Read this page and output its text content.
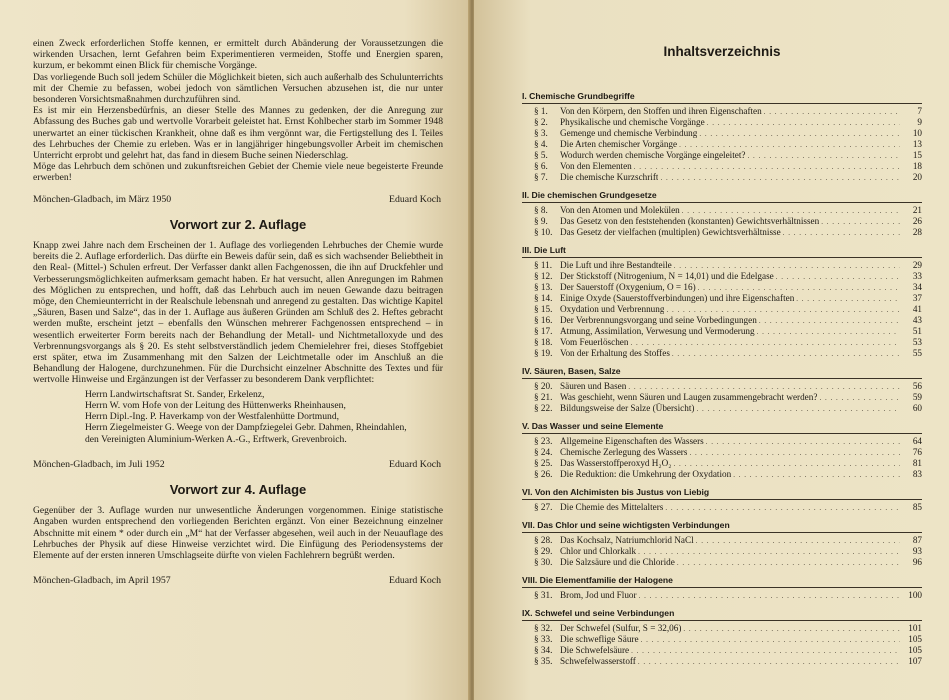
einen Zweck erforderlichen Stoffe kennen, er ermittelt durch Abänderung der Voraussetzungen die wirkenden Ursachen, lernt Gefahren beim Experimentieren vermeiden, Stoffe und Energien sparen, kurzum, er bekommt einen Blick für chemische Vorgänge.

Das vorliegende Buch soll jedem Schüler die Möglichkeit bieten, sich auch außerhalb des Schulunterrichts mit der Chemie zu befassen, wobei jedoch von sämtlichen Versuchen abzusehen ist, die nur unter besonderen Vorsichtsmaßnahmen durchzuführen sind.

Es ist mir ein Herzensbedürfnis, an dieser Stelle des Mannes zu gedenken, der die Anregung zur Abfassung des Buches gab und wertvolle Vorarbeit geleistet hat. Ernst Kohlbecher starb im Sommer 1948 unerwartet an einer tückischen Krankheit, ohne daß es ihm vergönnt war, die Fertigstellung des I. Teiles des Lehrbuches der Chemie zu erleben. Was er in langjähriger hingebungsvoller Arbeit im chemischen Unterricht erprobt und gelehrt hat, das fand in diesem Buche seinen Niederschlag.

Möge das Lehrbuch dem schönen und zukunftsreichen Gebiet der Chemie viele neue begeisterte Freunde erwerben!

Mönchen-Gladbach, im März 1950	Eduard Koch
Vorwort zur 2. Auflage

Knapp zwei Jahre nach dem Erscheinen der 1. Auflage des vorliegenden Lehrbuches der Chemie wurde bereits die 2. Auflage erforderlich. Das dürfte ein Beweis dafür sein, daß es sich wachsender Beliebtheit in den Real- (Mittel-) Schulen erfreut. Der Verfasser dankt allen Fachgenossen, die ihn auf Druckfehler und Verbesserungsmöglichkeiten aufmerksam gemacht haben. Er hat versucht, allen Anregungen im Rahmen des Möglichen zu entsprechen, und hofft, daß das Lehrbuch auch im neuen Gewande dazu beitragen möge, den Chemieunterricht in der Realschule lebensnah und anregend zu gestalten. Das wichtige Kapitel „Säuren, Basen und Salze“, das in der 1. Auflage aus äußeren Gründen am Schluß des 2. Heftes gebracht werden mußte, erscheint jetzt – ebenfalls den Wünschen mehrerer Fachgenossen entsprechend – in wesentlich erweiterter Form bereits nach der Behandlung der Metall- und Nichtmetalloxyde und des Verbrennungsvorgangs als § 20. Es steht selbstverständlich jedem Chemielehrer frei, dieses Stoffgebiet erst später, etwa im Zusammenhang mit den Salzen der Leichtmetalle oder im Anschluß an die Behandlung der Halogene, durchzunehmen. Für die Durchsicht einzelner Abschnitte des Textes und für wertvolle Hinweise und Ergänzungen ist der Verfasser zu besonderem Dank verpflichtet:

Herrn Landwirtschaftsrat St. Sander, Erkelenz,
Herrn W. vom Hofe von der Leitung des Hüttenwerks Rheinhausen,
Herrn Dipl.-Ing. P. Haverkamp von der Westfalenhütte Dortmund,
Herrn Ziegelmeister G. Weege von der Dampfziegelei Gebr. Dahmen, Rheindahlen,
den Vereinigten Aluminium-Werken A.-G., Erftwerk, Grevenbroich.
Mönchen-Gladbach, im Juli 1952	Eduard Koch
Vorwort zur 4. Auflage

Gegenüber der 3. Auflage wurden nur unwesentliche Änderungen vorgenommen. Einige statistische Angaben wurden entsprechend den vorliegenden Berichten ergänzt. Von einer Bezeichnung einzelner Abschnitte mit einem * oder durch ein „M“ hat der Verfasser abgesehen, weil auch in der Neuauflage des Lehrbuches der Physik auf diese Hinweise verzichtet wird. Die Einfügung des Periodensystems der Elemente auf der ersten inneren Umschlagseite dürfte von vielen Fachlehrern begrüßt werden.

Mönchen-Gladbach, im April 1957	Eduard Koch
Inhaltsverzeichnis
I. Chemische Grundbegriffe
§ 1.	Von den Körpern, den Stoffen und ihren Eigenschaften . . .	7
§ 2.	Physikalische und chemische Vorgänge . . .	9
§ 3.	Gemenge und chemische Verbindung . . .	10
§ 4.	Die Arten chemischer Vorgänge . . .	13
§ 5.	Wodurch werden chemische Vorgänge eingeleitet? . . .	15
§ 6.	Von den Elementen . . .	18
§ 7.	Die chemische Kurzschrift . . .	20
II. Die chemischen Grundgesetze
§ 8.	Von den Atomen und Molekülen . . .	21
§ 9.	Das Gesetz von den feststehenden (konstanten) Gewichtsverhältnissen . . .	26
§ 10. Das Gesetz der vielfachen (multiplen) Gewichtsverhältnisse . . .	28
III. Die Luft
§ 11. Die Luft und ihre Bestandteile . . .	29
§ 12. Der Stickstoff (Nitrogenium, N = 14,01) und die Edelgase . . .	33
§ 13. Der Sauerstoff (Oxygenium, O = 16) . . .	34
§ 14. Einige Oxyde (Sauerstoffverbindungen) und ihre Eigenschaften . . .	37
§ 15. Oxydation und Verbrennung . . .	41
§ 16. Der Verbrennungsvorgang und seine Vorbedingungen . . .	43
§ 17. Atmung, Assimilation, Verwesung und Vermoderung . . .	51
§ 18. Vom Feuerlöschen . . .	53
§ 19. Von der Erhaltung des Stoffes . . .	55
IV. Säuren, Basen, Salze
§ 20. Säuren und Basen . . .	56
§ 21. Was geschieht, wenn Säuren und Laugen zusammengebracht werden? . . .	59
§ 22. Bildungsweise der Salze (Übersicht) . . .	60
V. Das Wasser und seine Elemente
§ 23. Allgemeine Eigenschaften des Wassers . . .	64
§ 24. Chemische Zerlegung des Wassers . . .	76
§ 25. Das Wasserstoffperoxyd H₂O₂ . . .	81
§ 26. Die Reduktion: die Umkehrung der Oxydation . . .	83
VI. Von den Alchimisten bis Justus von Liebig
§ 27. Die Chemie des Mittelalters . . .	85
VII. Das Chlor und seine wichtigsten Verbindungen
§ 28. Das Kochsalz, Natriumchlorid NaCl . . .	87
§ 29. Chlor und Chlorkalk . . .	93
§ 30. Die Salzsäure und die Chloride . . .	96
VIII. Die Elementfamilie der Halogene
§ 31. Brom, Jod und Fluor . . .	100
IX. Schwefel und seine Verbindungen
§ 32. Der Schwefel (Sulfur, S = 32,06) . . .	101
§ 33. Die schweflige Säure . . .	105
§ 34. Die Schwefelsäure . . .	105
§ 35. Schwefelwasserstoff . . .	107
